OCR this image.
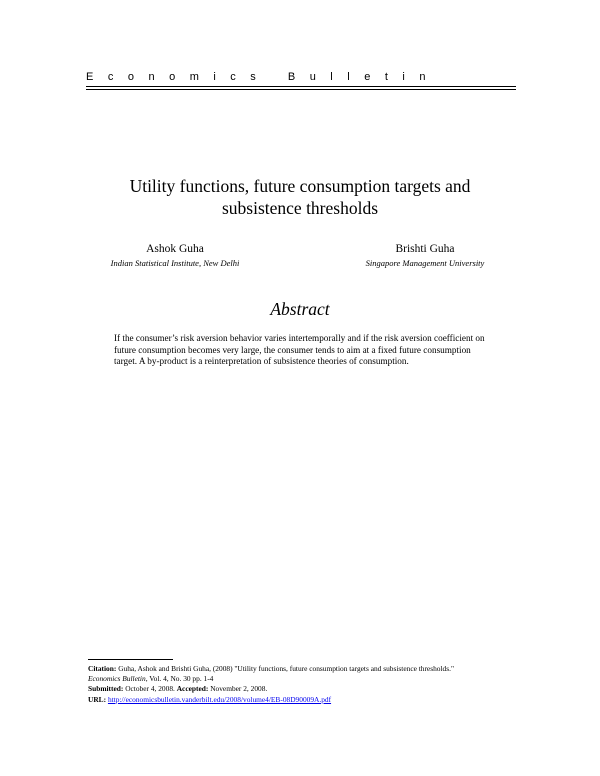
Economics Bulletin
Utility functions, future consumption targets and subsistence thresholds
Ashok Guha
Indian Statistical Institute, New Delhi
Brishti Guha
Singapore Management University
Abstract
If the consumer’s risk aversion behavior varies intertemporally and if the risk aversion coefficient on future consumption becomes very large, the consumer tends to aim at a fixed future consumption target. A by-product is a reinterpretation of subsistence theories of consumption.
Citation: Guha, Ashok and Brishti Guha, (2008) "Utility functions, future consumption targets and subsistence thresholds."
Economics Bulletin, Vol. 4, No. 30 pp. 1-4
Submitted: October 4, 2008. Accepted: November 2, 2008.
URL: http://economicsbulletin.vanderbilt.edu/2008/volume4/EB-08D90009A.pdf
